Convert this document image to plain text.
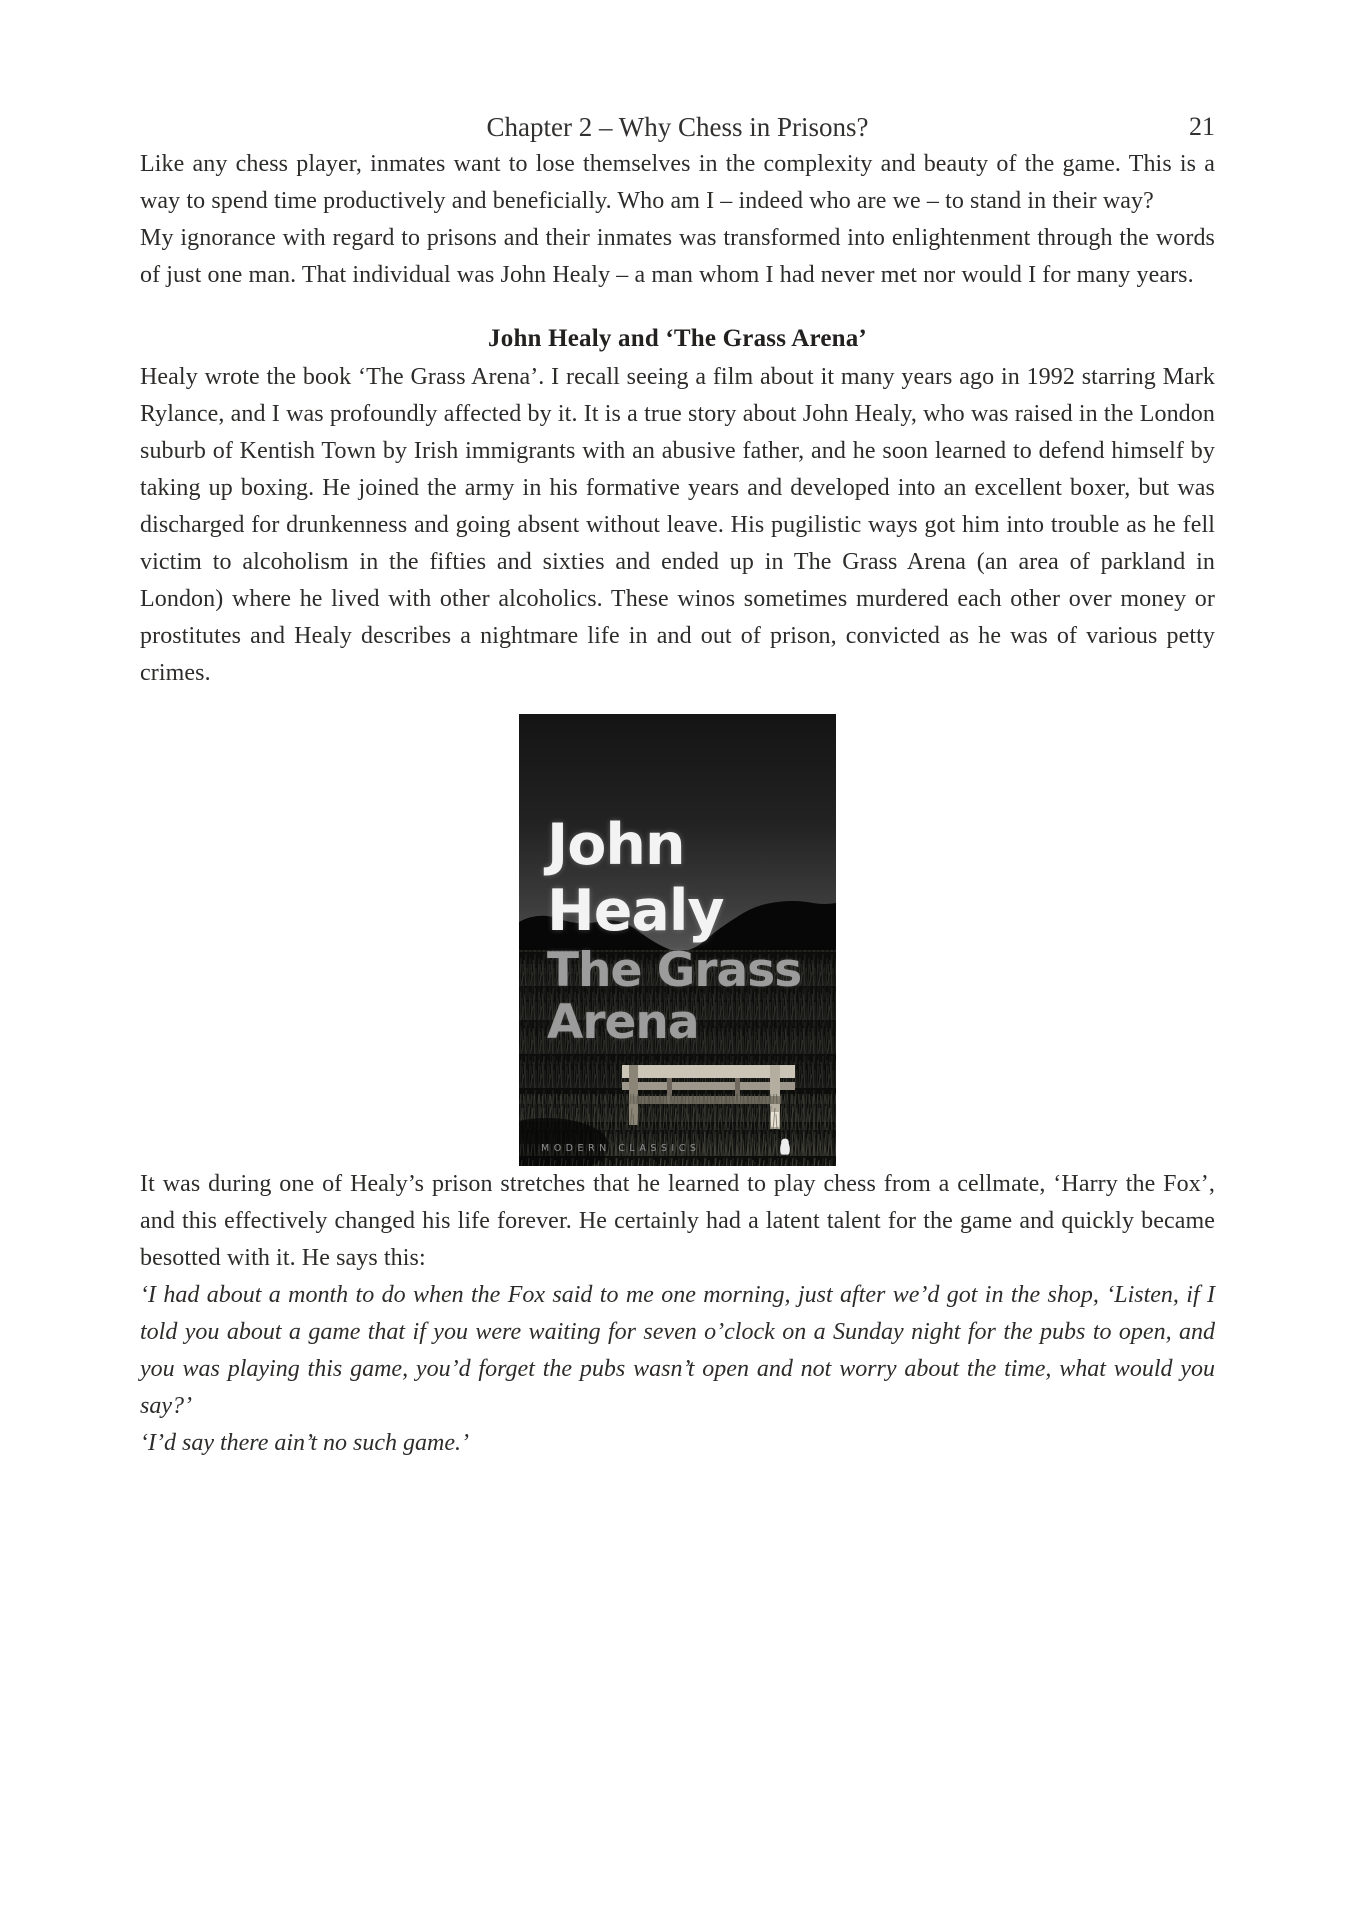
Chapter 2 – Why Chess in Prisons?	21

Like any chess player, inmates want to lose themselves in the complexity and beauty of the game. This is a way to spend time productively and beneficially. Who am I – indeed who are we – to stand in their way?

My ignorance with regard to prisons and their inmates was transformed into enlightenment through the words of just one man. That individual was John Healy – a man whom I had never met nor would I for many years.

John Healy and ‘The Grass Arena’

Healy wrote the book ‘The Grass Arena’. I recall seeing a film about it many years ago in 1992 starring Mark Rylance, and I was profoundly affected by it. It is a true story about John Healy, who was raised in the London suburb of Kentish Town by Irish immigrants with an abusive father, and he soon learned to defend himself by taking up boxing. He joined the army in his formative years and developed into an excellent boxer, but was discharged for drunkenness and going absent without leave. His pugilistic ways got him into trouble as he fell victim to alcoholism in the fifties and sixties and ended up in The Grass Arena (an area of parkland in London) where he lived with other alcoholics. These winos sometimes murdered each other over money or prostitutes and Healy describes a nightmare life in and out of prison, convicted as he was of various petty crimes.

John
Healy
The Grass
Arena
MODERN CLASSICS

It was during one of Healy’s prison stretches that he learned to play chess from a cellmate, ‘Harry the Fox’, and this effectively changed his life forever. He certainly had a latent talent for the game and quickly became besotted with it. He says this:

‘I had about a month to do when the Fox said to me one morning, just after we’d got in the shop, ‘Listen, if I told you about a game that if you were waiting for seven o’clock on a Sunday night for the pubs to open, and you was playing this game, you’d forget the pubs wasn’t open and not worry about the time, what would you say?’

‘I’d say there ain’t no such game.’
